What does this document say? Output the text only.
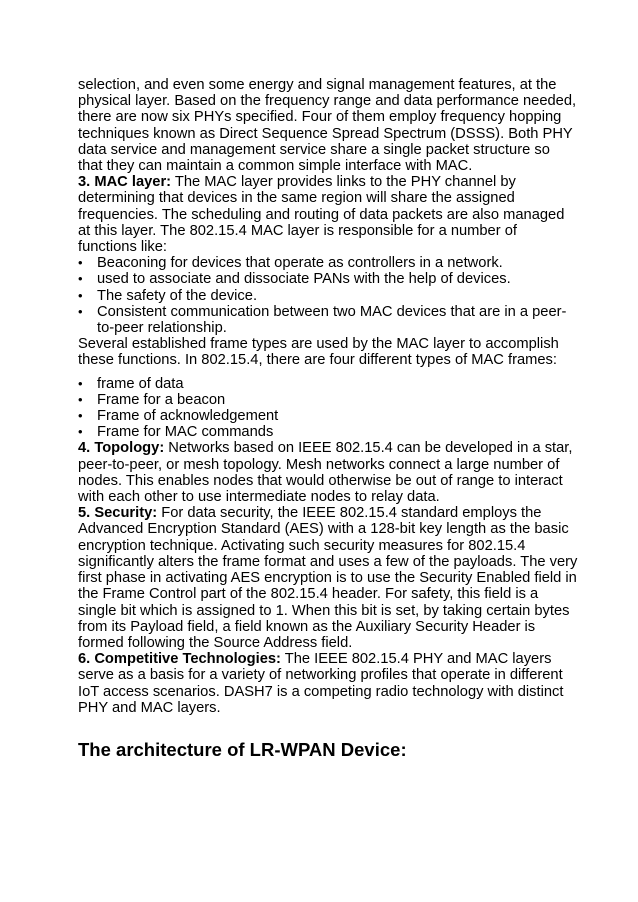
selection, and even some energy and signal management features, at the physical layer. Based on the frequency range and data performance needed, there are now six PHYs specified. Four of them employ frequency hopping techniques known as Direct Sequence Spread Spectrum (DSSS). Both PHY data service and management service share a single packet structure so that they can maintain a common simple interface with MAC.

3. MAC layer: The MAC layer provides links to the PHY channel by determining that devices in the same region will share the assigned frequencies. The scheduling and routing of data packets are also managed at this layer. The 802.15.4 MAC layer is responsible for a number of functions like:

• Beaconing for devices that operate as controllers in a network.
• used to associate and dissociate PANs with the help of devices.
• The safety of the device.
• Consistent communication between two MAC devices that are in a peer-to-peer relationship.

Several established frame types are used by the MAC layer to accomplish these functions. In 802.15.4, there are four different types of MAC frames:

• frame of data
• Frame for a beacon
• Frame of acknowledgement
• Frame for MAC commands

4. Topology: Networks based on IEEE 802.15.4 can be developed in a star, peer-to-peer, or mesh topology. Mesh networks connect a large number of nodes. This enables nodes that would otherwise be out of range to interact with each other to use intermediate nodes to relay data.

5. Security: For data security, the IEEE 802.15.4 standard employs the Advanced Encryption Standard (AES) with a 128-bit key length as the basic encryption technique. Activating such security measures for 802.15.4 significantly alters the frame format and uses a few of the payloads. The very first phase in activating AES encryption is to use the Security Enabled field in the Frame Control part of the 802.15.4 header. For safety, this field is a single bit which is assigned to 1. When this bit is set, by taking certain bytes from its Payload field, a field known as the Auxiliary Security Header is formed following the Source Address field.

6. Competitive Technologies: The IEEE 802.15.4 PHY and MAC layers serve as a basis for a variety of networking profiles that operate in different IoT access scenarios. DASH7 is a competing radio technology with distinct PHY and MAC layers.

The architecture of LR-WPAN Device:
